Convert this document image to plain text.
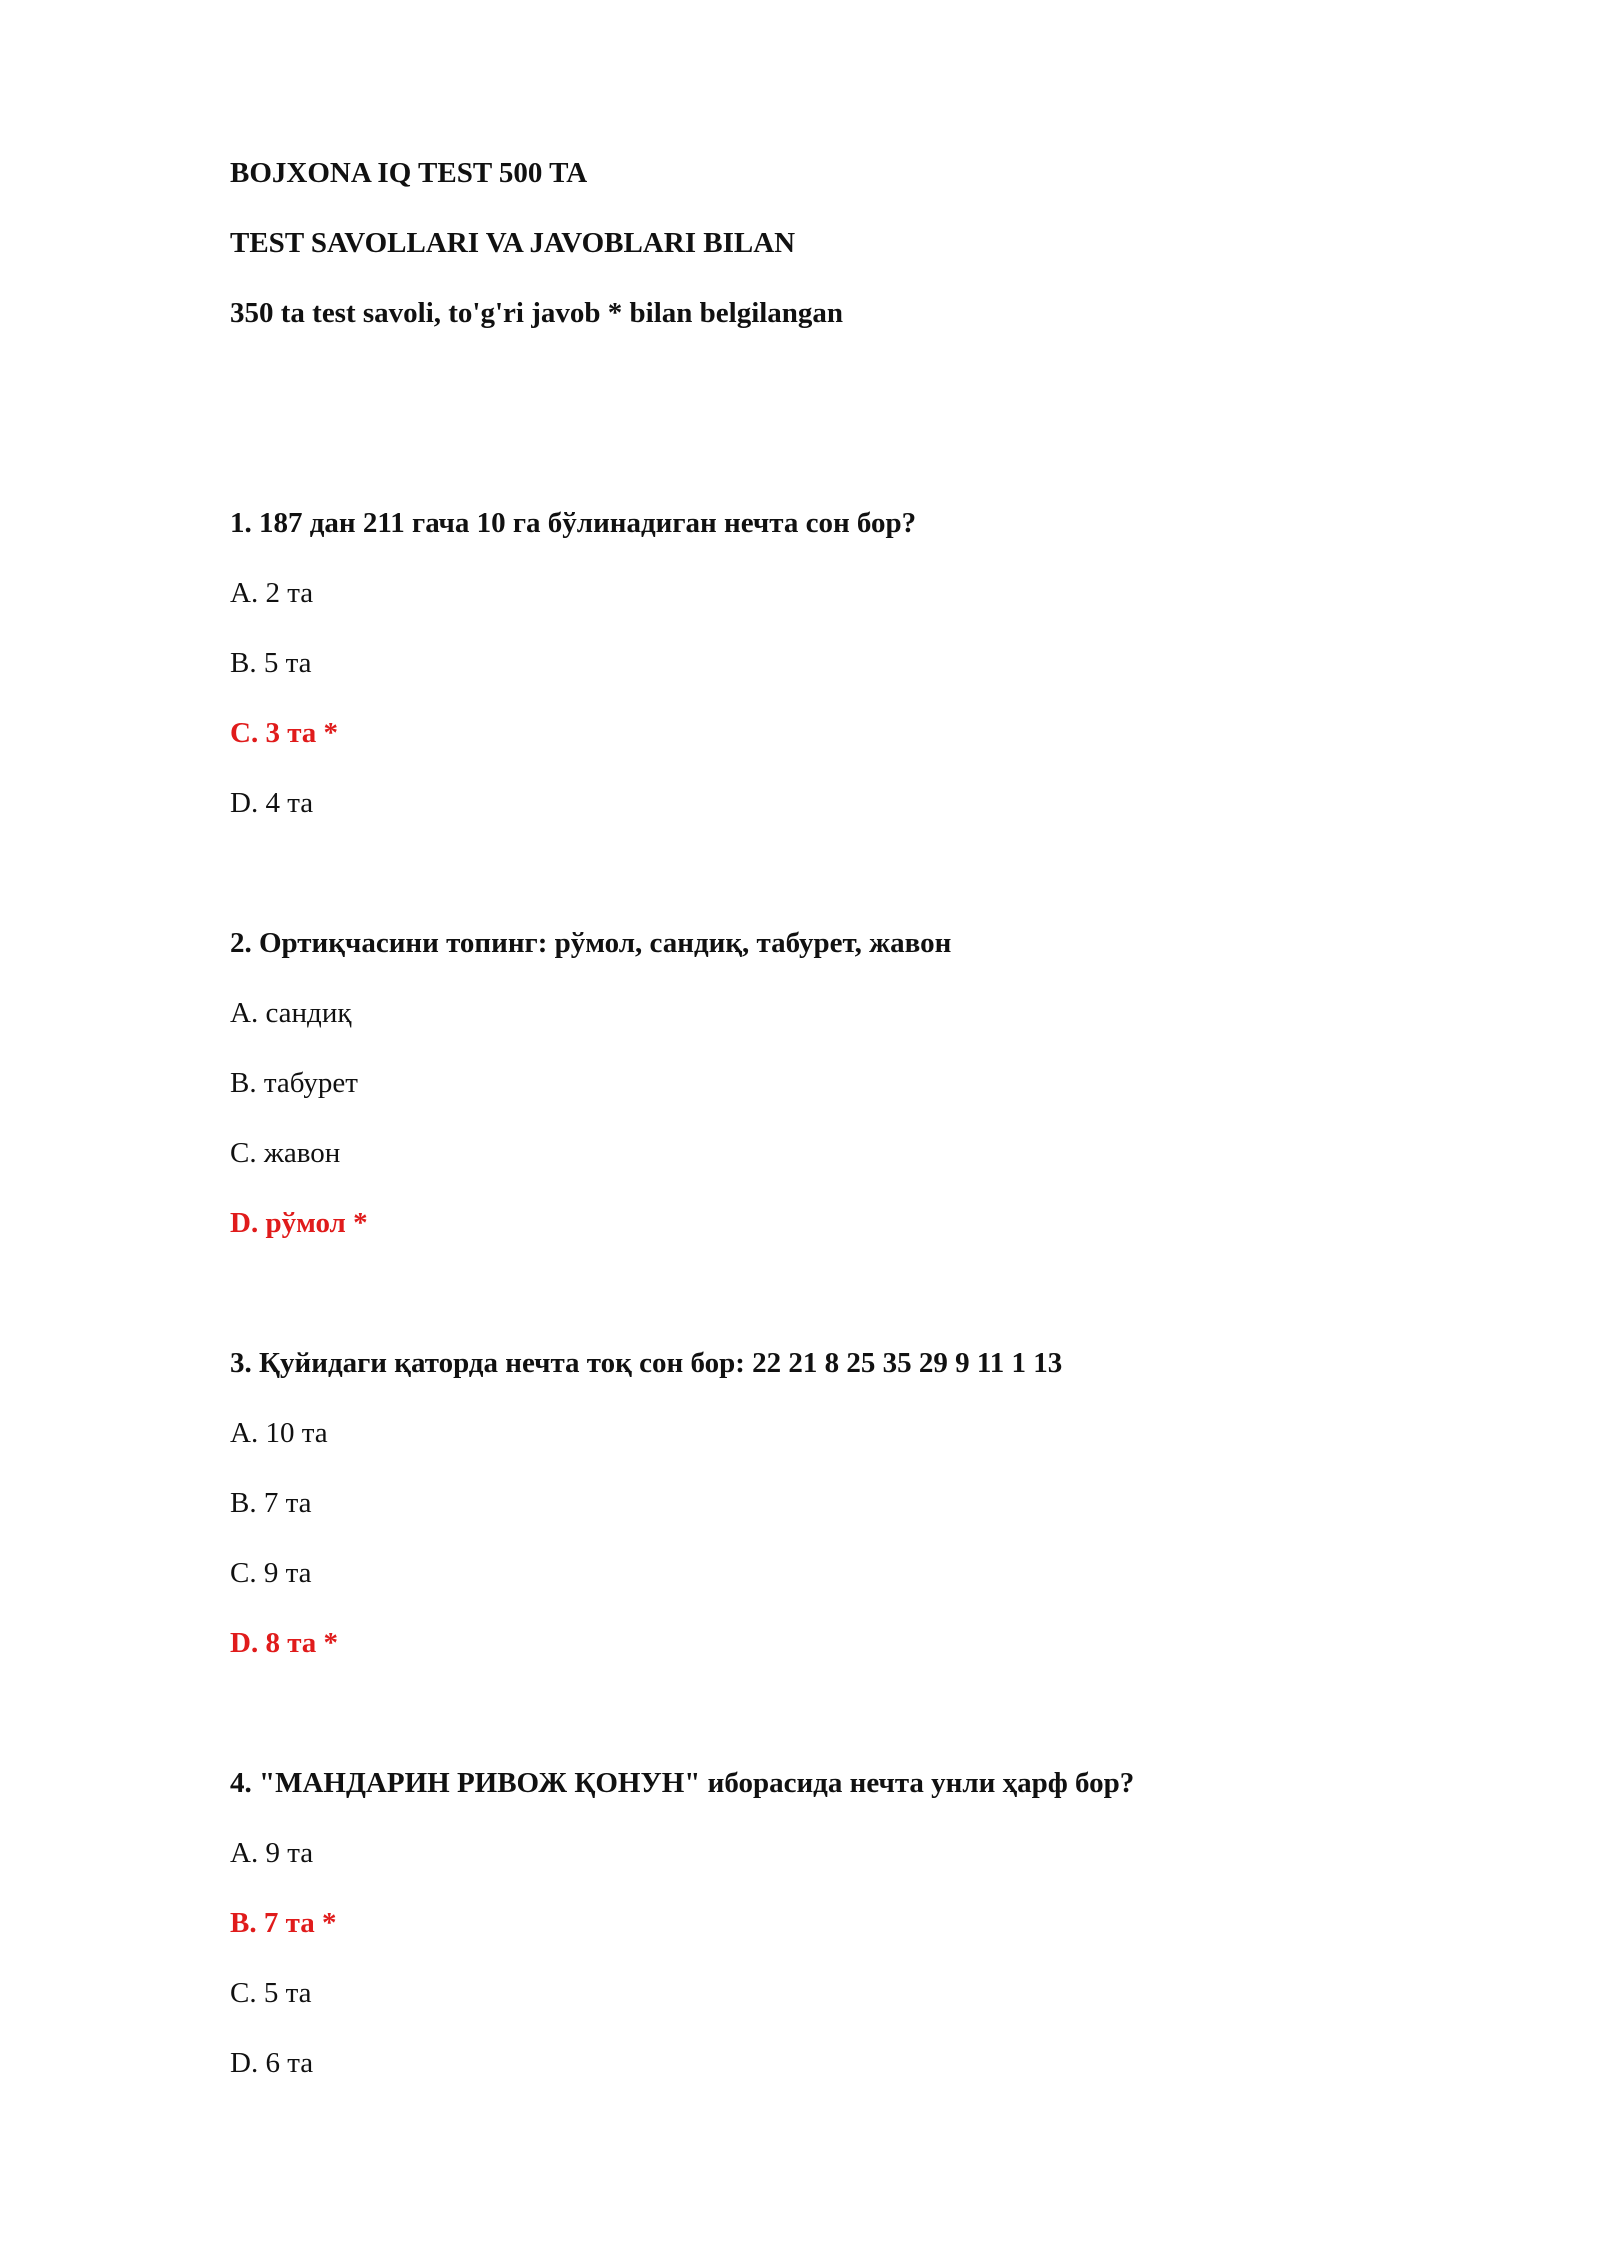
BOJXONA IQ TEST 500 TA
TEST SAVOLLARI VA JAVOBLARI BILAN
350 ta test savoli, to'g'ri javob * bilan belgilangan
1. 187 дан 211 гача 10 га бўлинадиган нечта сон бор?
A. 2 та
B. 5 та
C. 3 та *
D. 4 та
2. Ортиқчасини топинг: рўмол, сандиқ, табурет, жавон
A. сандиқ
B. табурет
C. жавон
D. рўмол *
3. Қуйидаги қаторда нечта тоқ сон бор: 22 21 8 25 35 29 9 11 1 13
A. 10 та
B. 7 та
C. 9 та
D. 8 та *
4. "МАНДАРИН РИВОЖ ҚОНУН" иборасида нечта унли ҳарф бор?
A. 9 та
B. 7 та *
C. 5 та
D. 6 та
